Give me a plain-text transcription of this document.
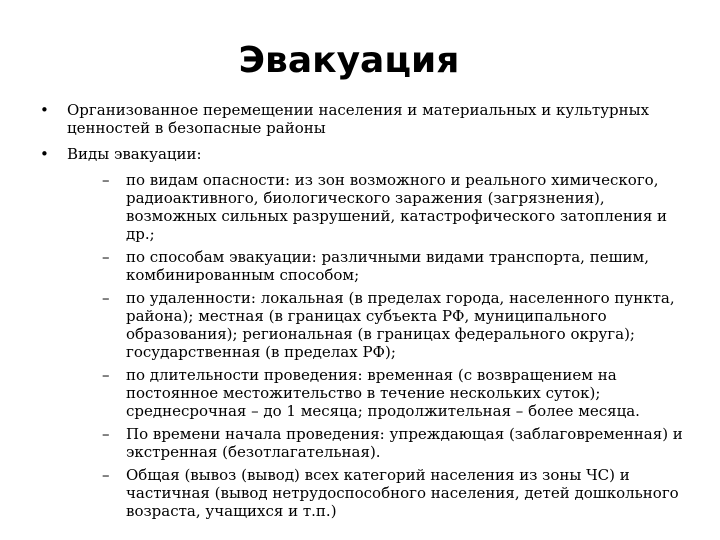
Эвакуация
• Организованное перемещении населения и материальных и культурных ценностей в безопасные районы
• Виды эвакуации:
– по видам опасности: из зон возможного и реального химического, радиоактивного, биологического заражения (загрязнения), возможных сильных разрушений, катастрофического затопления и др.;
– по способам эвакуации: различными видами транспорта, пешим, комбинированным способом;
– по удаленности: локальная (в пределах города, населенного пункта, района); местная (в границах субъекта РФ, муниципального образования); региональная (в границах федерального округа); государственная (в пределах РФ);
– по длительности проведения: временная (с возвращением на постоянное местожительство в течение нескольких суток); среднесрочная – до 1 месяца; продолжительная – более месяца.
– По времени начала проведения: упреждающая (заблаговременная) и экстренная (безотлагательная).
– Общая (вывоз (вывод) всех категорий населения из зоны ЧС) и частичная (вывод нетрудоспособного населения, детей дошкольного возраста, учащихся и т.п.)
